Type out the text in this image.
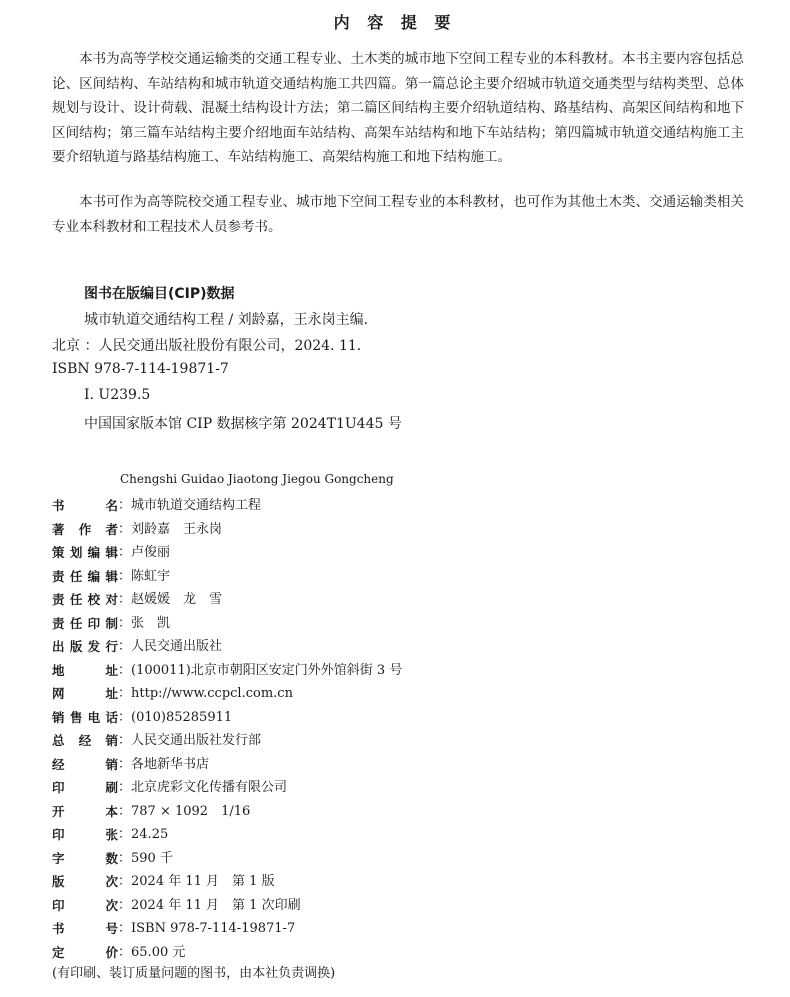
内 容 提 要

本书为高等学校交通运输类的交通工程专业、土木类的城市地下空间工程专业的本科教材。本书主要内容包括总论、区间结构、车站结构和城市轨道交通结构施工共四篇。第一篇总论主要介绍城市轨道交通类型与结构类型、总体规划与设计、设计荷载、混凝土结构设计方法；第二篇区间结构主要介绍轨道结构、路基结构、高架区间结构和地下区间结构；第三篇车站结构主要介绍地面车站结构、高架车站结构和地下车站结构；第四篇城市轨道交通结构施工主要介绍轨道与路基结构施工、车站结构施工、高架结构施工和地下结构施工。

本书可作为高等院校交通工程专业、城市地下空间工程专业的本科教材，也可作为其他土木类、交通运输类相关专业本科教材和工程技术人员参考书。

图书在版编目(CIP)数据
城市轨道交通结构工程 / 刘龄嘉，王永岗主编.
北京 ：人民交通出版社股份有限公司，2024. 11.
ISBN 978-7-114-19871-7
Ⅰ. U239.5
中国国家版本馆 CIP 数据核字第 2024T1U445 号
Chengshi Guidao Jiaotong Jiegou Gongcheng
书	名 ： 城市轨道交通结构工程
著 作 者 ： 刘龄嘉　王永岗
策 划 编 辑 ： 卢俊丽
责 任 编 辑 ： 陈虹宇
责 任 校 对 ： 赵媛媛　龙　雪
责 任 印 制 ： 张　凯
出 版 发 行 ： 人民交通出版社
地	址 ： (100011)北京市朝阳区安定门外外馆斜街 3 号
网	址 ： http://www.ccpcl.com.cn
销 售 电 话 ： (010)85285911
总 经 销 ： 人民交通出版社发行部
经	销 ： 各地新华书店
印	刷 ： 北京虎彩文化传播有限公司
开	本 ： 787 × 1092　1/16
印	张 ： 24.25
字	数 ： 590 千
版	次 ： 2024 年 11 月　第 1 版
印	次 ： 2024 年 11 月　第 1 次印刷
书	号 ： ISBN 978-7-114-19871-7
定	价 ： 65.00 元
(有印刷、装订质量问题的图书，由本社负责调换)
